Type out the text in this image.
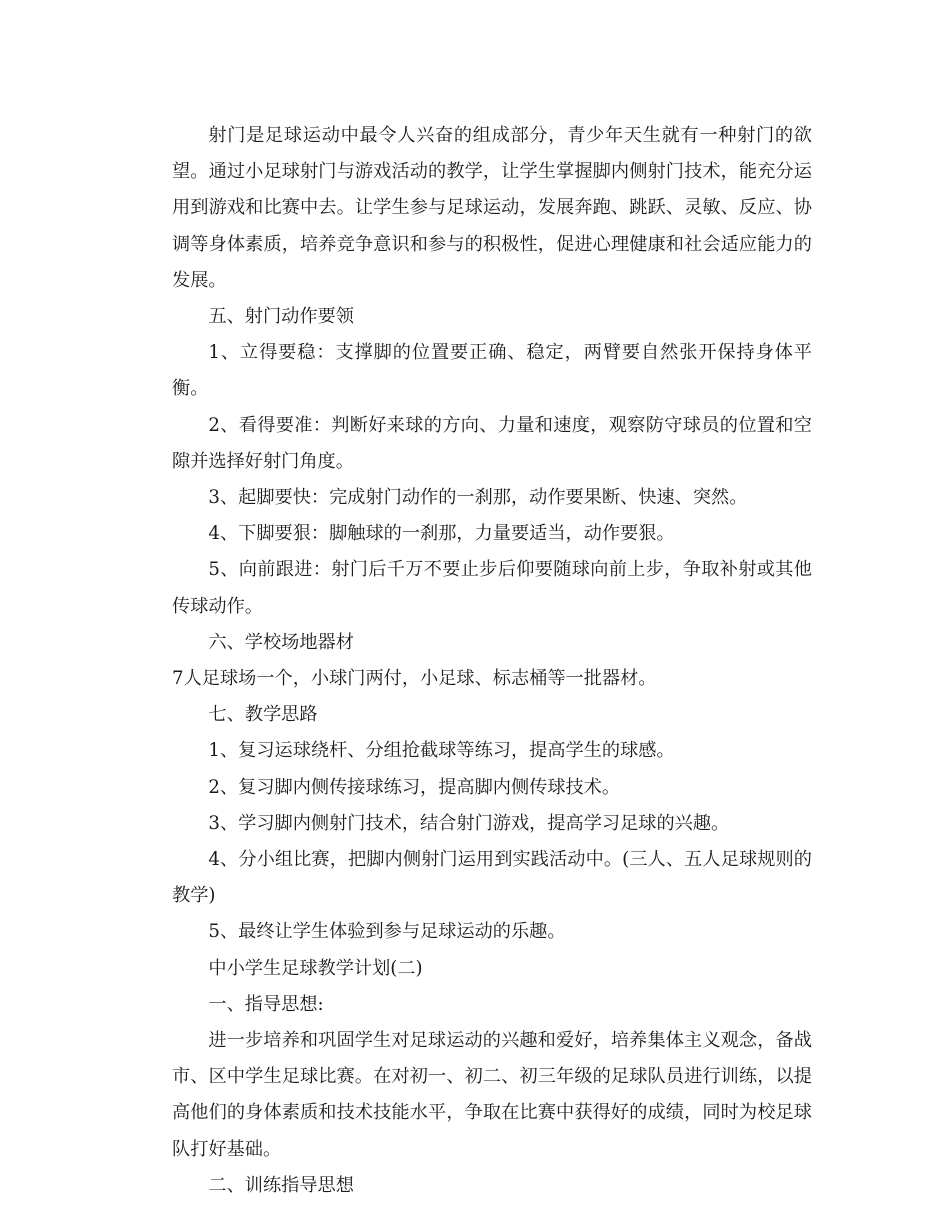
射门是足球运动中最令人兴奋的组成部分，青少年天生就有一种射门的欲望。通过小足球射门与游戏活动的教学，让学生掌握脚内侧射门技术，能充分运用到游戏和比赛中去。让学生参与足球运动，发展奔跑、跳跃、灵敏、反应、协调等身体素质，培养竞争意识和参与的积极性，促进心理健康和社会适应能力的发展。

五、射门动作要领

1、立得要稳：支撑脚的位置要正确、稳定，两臂要自然张开保持身体平衡。

2、看得要准：判断好来球的方向、力量和速度，观察防守球员的位置和空隙并选择好射门角度。

3、起脚要快：完成射门动作的一刹那，动作要果断、快速、突然。

4、下脚要狠：脚触球的一刹那，力量要适当，动作要狠。

5、向前跟进：射门后千万不要止步后仰要随球向前上步，争取补射或其他传球动作。

六、学校场地器材

7人足球场一个，小球门两付，小足球、标志桶等一批器材。

七、教学思路

1、复习运球绕杆、分组抢截球等练习，提高学生的球感。

2、复习脚内侧传接球练习，提高脚内侧传球技术。

3、学习脚内侧射门技术，结合射门游戏，提高学习足球的兴趣。

4、分小组比赛，把脚内侧射门运用到实践活动中。(三人、五人足球规则的教学)

5、最终让学生体验到参与足球运动的乐趣。

中小学生足球教学计划(二)

一、指导思想:

进一步培养和巩固学生对足球运动的兴趣和爱好，培养集体主义观念，备战市、区中学生足球比赛。在对初一、初二、初三年级的足球队员进行训练，以提高他们的身体素质和技术技能水平，争取在比赛中获得好的成绩，同时为校足球队打好基础。

二、训练指导思想
